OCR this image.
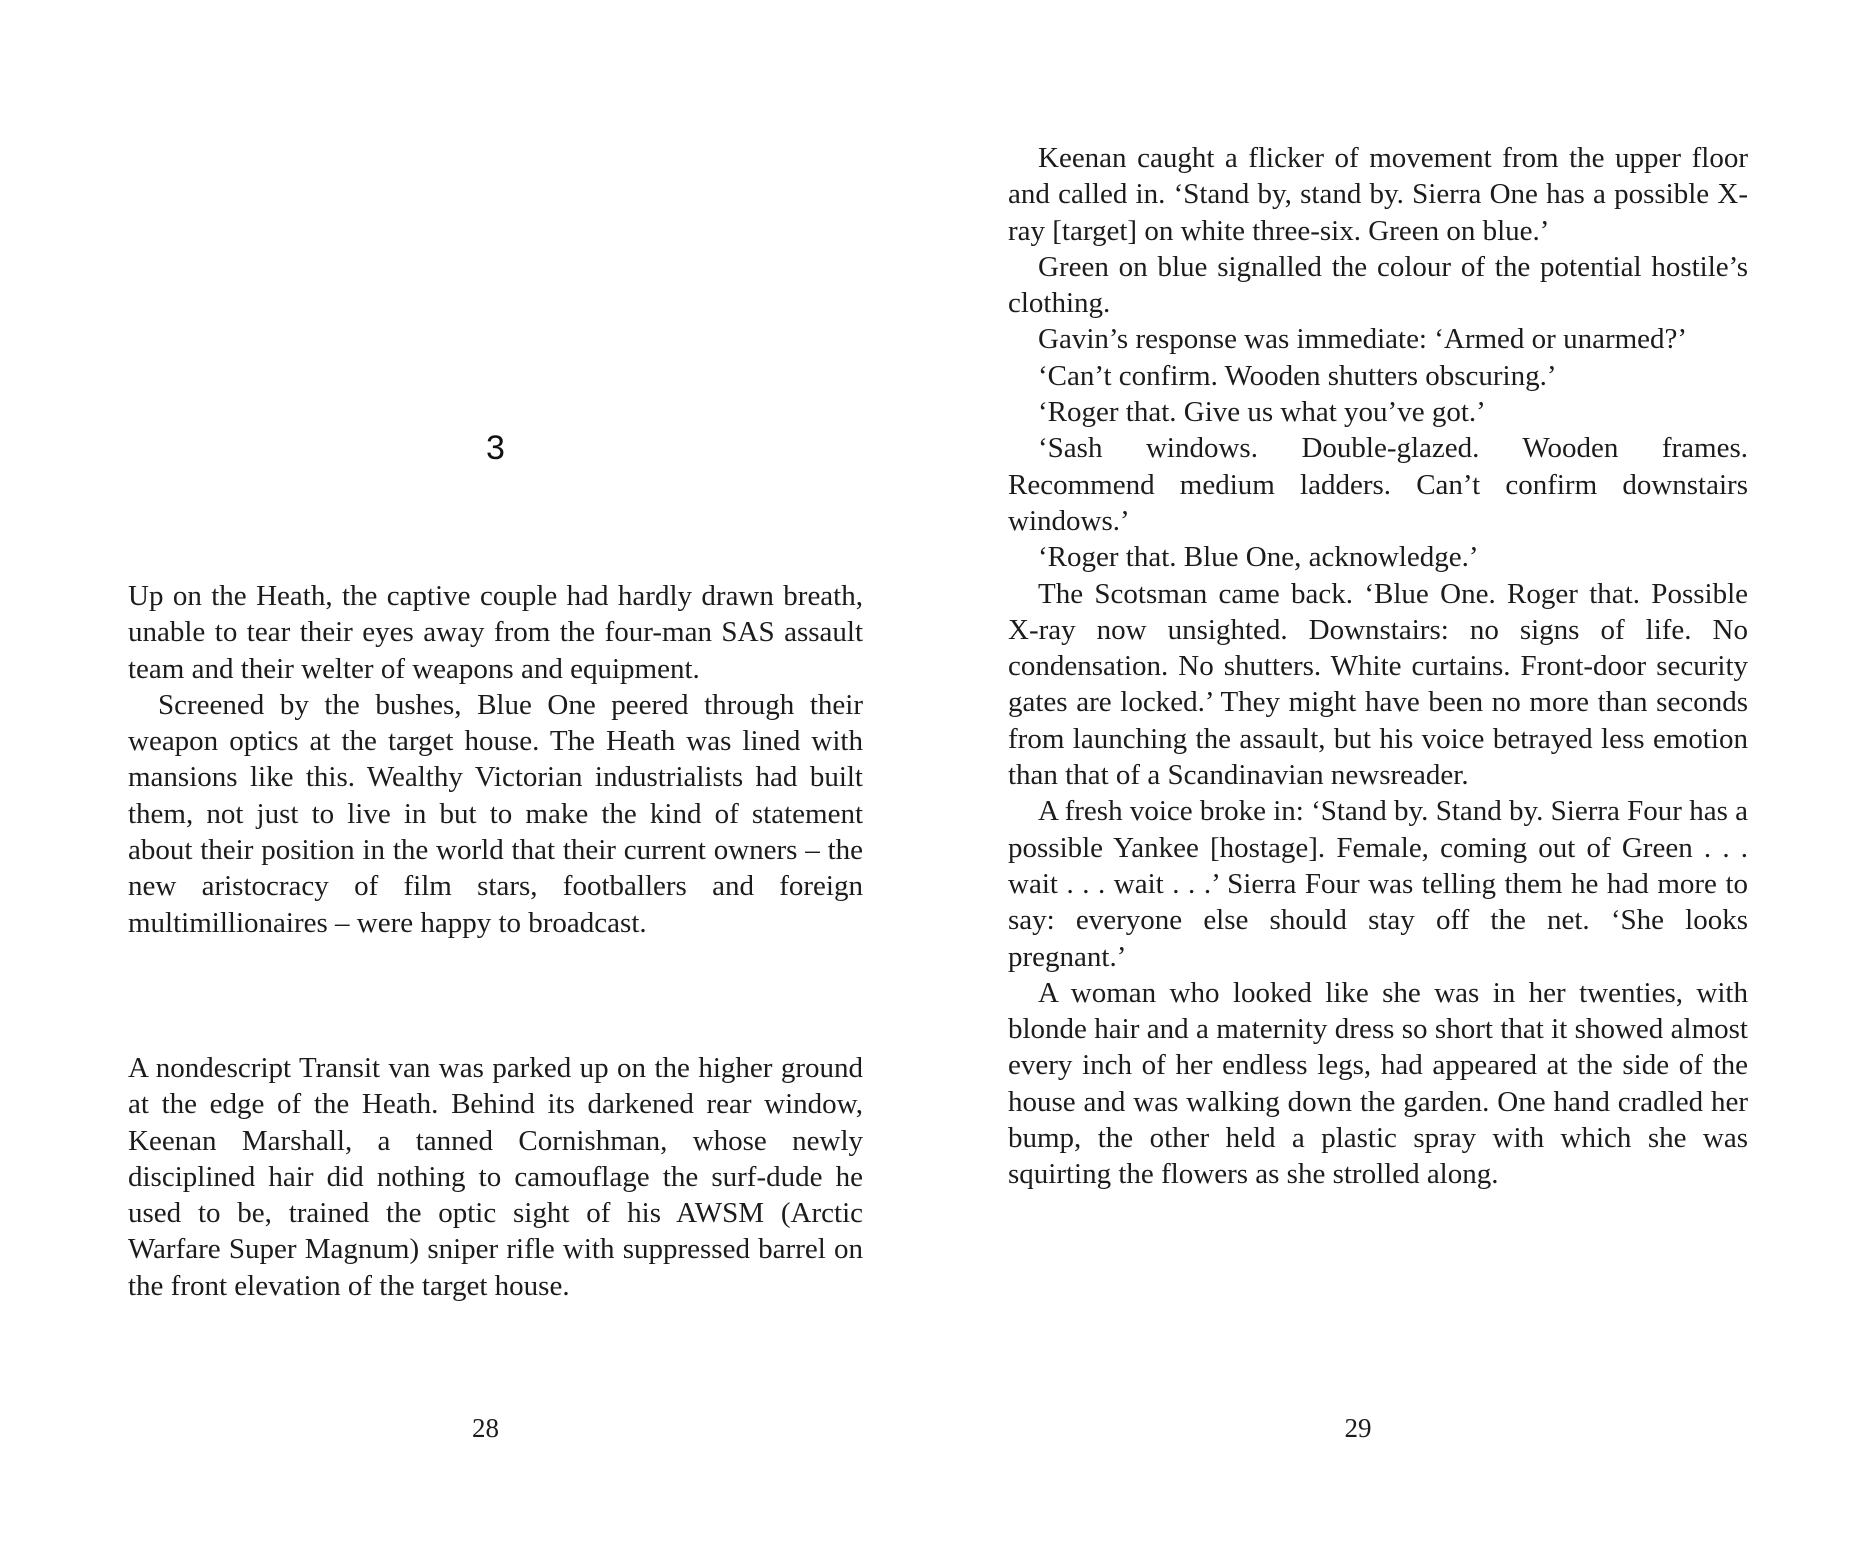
3

Up on the Heath, the captive couple had hardly drawn breath, unable to tear their eyes away from the four-man SAS assault team and their welter of weapons and equipment.

Screened by the bushes, Blue One peered through their weapon optics at the target house. The Heath was lined with mansions like this. Wealthy Victorian industrialists had built them, not just to live in but to make the kind of statement about their position in the world that their current owners – the new aristocracy of film stars, footballers and foreign multimillionaires – were happy to broadcast.

A nondescript Transit van was parked up on the higher ground at the edge of the Heath. Behind its darkened rear window, Keenan Marshall, a tanned Cornishman, whose newly disciplined hair did nothing to camouflage the surf-dude he used to be, trained the optic sight of his AWSM (Arctic Warfare Super Magnum) sniper rifle with suppressed barrel on the front elevation of the target house.

28

Keenan caught a flicker of movement from the upper floor and called in. ‘Stand by, stand by. Sierra One has a possible X-ray [target] on white three-six. Green on blue.’

Green on blue signalled the colour of the potential hostile’s clothing.

Gavin’s response was immediate: ‘Armed or unarmed?’

‘Can’t confirm. Wooden shutters obscuring.’

‘Roger that. Give us what you’ve got.’

‘Sash windows. Double-glazed. Wooden frames. Recommend medium ladders. Can’t confirm downstairs windows.’

‘Roger that. Blue One, acknowledge.’

The Scotsman came back. ‘Blue One. Roger that. Possible X-ray now unsighted. Downstairs: no signs of life. No condensation. No shutters. White curtains. Front-door security gates are locked.’ They might have been no more than seconds from launching the assault, but his voice betrayed less emotion than that of a Scandinavian newsreader.

A fresh voice broke in: ‘Stand by. Stand by. Sierra Four has a possible Yankee [hostage]. Female, coming out of Green . . . wait . . . wait . . .’ Sierra Four was telling them he had more to say: everyone else should stay off the net. ‘She looks pregnant.’

A woman who looked like she was in her twenties, with blonde hair and a maternity dress so short that it showed almost every inch of her endless legs, had appeared at the side of the house and was walking down the garden. One hand cradled her bump, the other held a plastic spray with which she was squirting the flowers as she strolled along.

29
